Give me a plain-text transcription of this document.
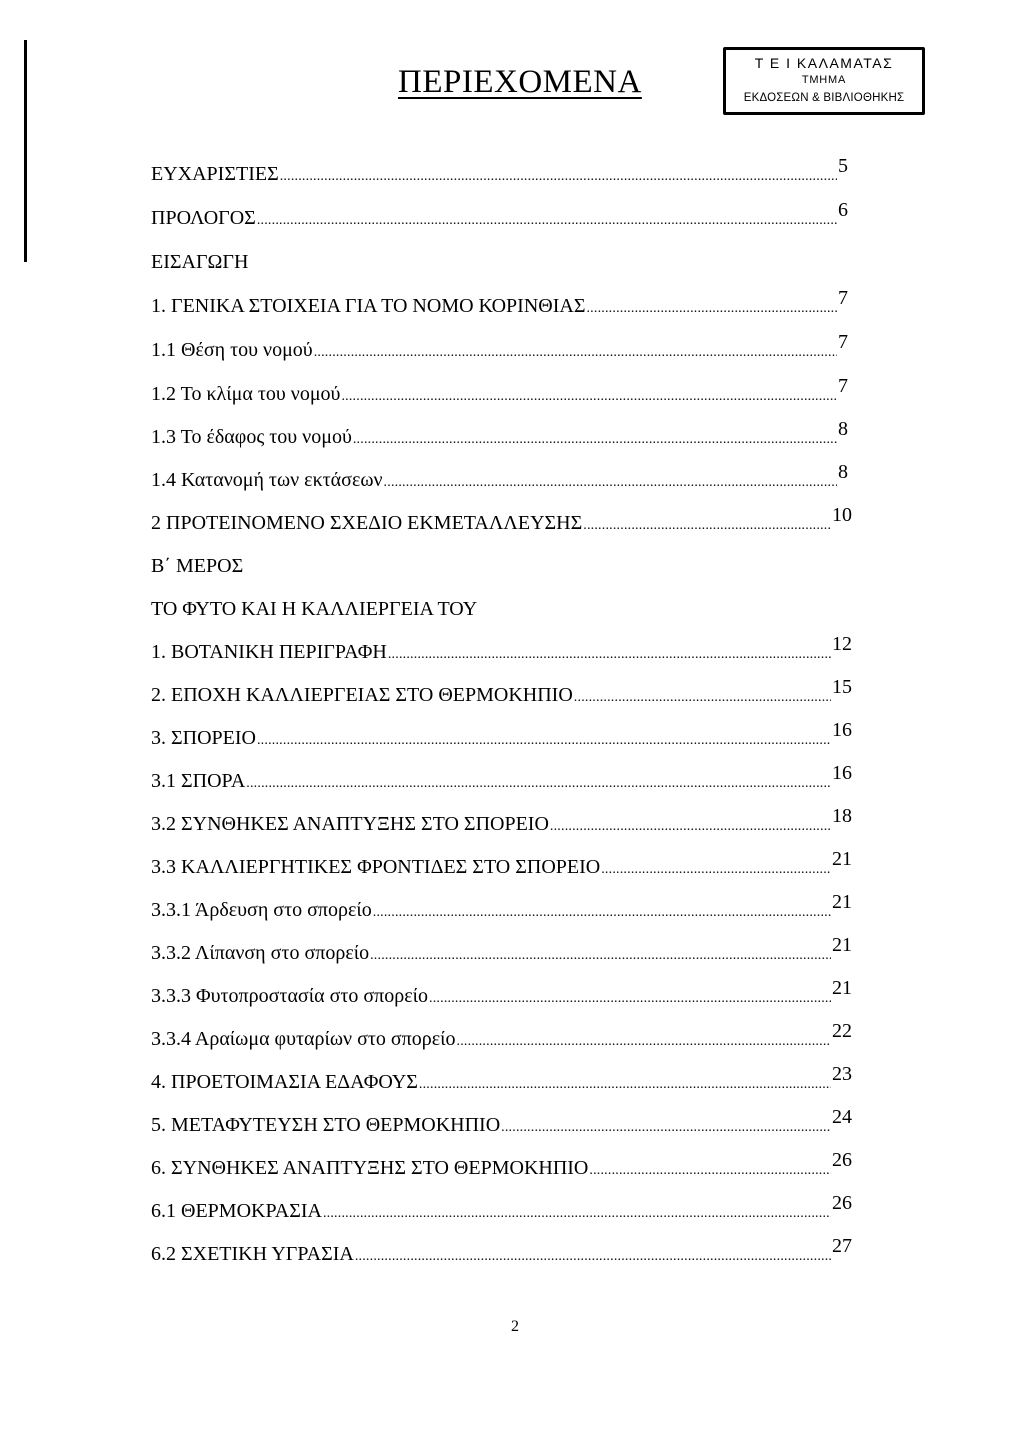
ΠΕΡΙΕΧΟΜΕΝΑ
Τ Ε Ι ΚΑΛΑΜΑΤΑΣ
ΤΜΗΜΑ
ΕΚΔΟΣΕΩΝ & ΒΙΒΛΙΟΘΗΚΗΣ
ΕΥΧΑΡΙΣΤΙΕΣ .....	5
ΠΡΟΛΟΓΟΣ .....	6
ΕΙΣΑΓΩΓΗ
1. ΓΕΝΙΚΑ ΣΤΟΙΧΕΙΑ ΓΙΑ ΤΟ ΝΟΜΟ ΚΟΡΙΝΘΙΑΣ .....	7
1.1 Θέση του νομού .....	7
1.2 Το κλίμα του νομού .....	7
1.3 Το έδαφος του νομού .....	8
1.4 Κατανομή των εκτάσεων .....	8
2 ΠΡΟΤΕΙΝΟΜΕΝΟ ΣΧΕΔΙΟ ΕΚΜΕΤΑΛΛΕΥΣΗΣ .....	10
Β΄ ΜΕΡΟΣ
ΤΟ ΦΥΤΟ ΚΑΙ Η ΚΑΛΛΙΕΡΓΕΙΑ ΤΟΥ
1. ΒΟΤΑΝΙΚΗ ΠΕΡΙΓΡΑΦΗ .....	12
2. ΕΠΟΧΗ ΚΑΛΛΙΕΡΓΕΙΑΣ ΣΤΟ ΘΕΡΜΟΚΗΠΙΟ .....	15
3. ΣΠΟΡΕΙΟ .....	16
3.1 ΣΠΟΡΑ .....	16
3.2 ΣΥΝΘΗΚΕΣ ΑΝΑΠΤΥΞΗΣ ΣΤΟ ΣΠΟΡΕΙΟ .....	18
3.3 ΚΑΛΛΙΕΡΓΗΤΙΚΕΣ ΦΡΟΝΤΙΔΕΣ ΣΤΟ ΣΠΟΡΕΙΟ .....	21
3.3.1 Άρδευση στο σπορείο .....	21
3.3.2 Λίπανση στο σπορείο .....	21
3.3.3 Φυτοπροστασία στο σπορείο .....	21
3.3.4 Αραίωμα φυταρίων στο σπορείο .....	22
4. ΠΡΟΕΤΟΙΜΑΣΙΑ ΕΔΑΦΟΥΣ .....	23
5. ΜΕΤΑΦΥΤΕΥΣΗ ΣΤΟ ΘΕΡΜΟΚΗΠΙΟ .....	24
6. ΣΥΝΘΗΚΕΣ ΑΝΑΠΤΥΞΗΣ ΣΤΟ ΘΕΡΜΟΚΗΠΙΟ .....	26
6.1 ΘΕΡΜΟΚΡΑΣΙΑ .....	26
6.2 ΣΧΕΤΙΚΗ ΥΓΡΑΣΙΑ .....	27
2
